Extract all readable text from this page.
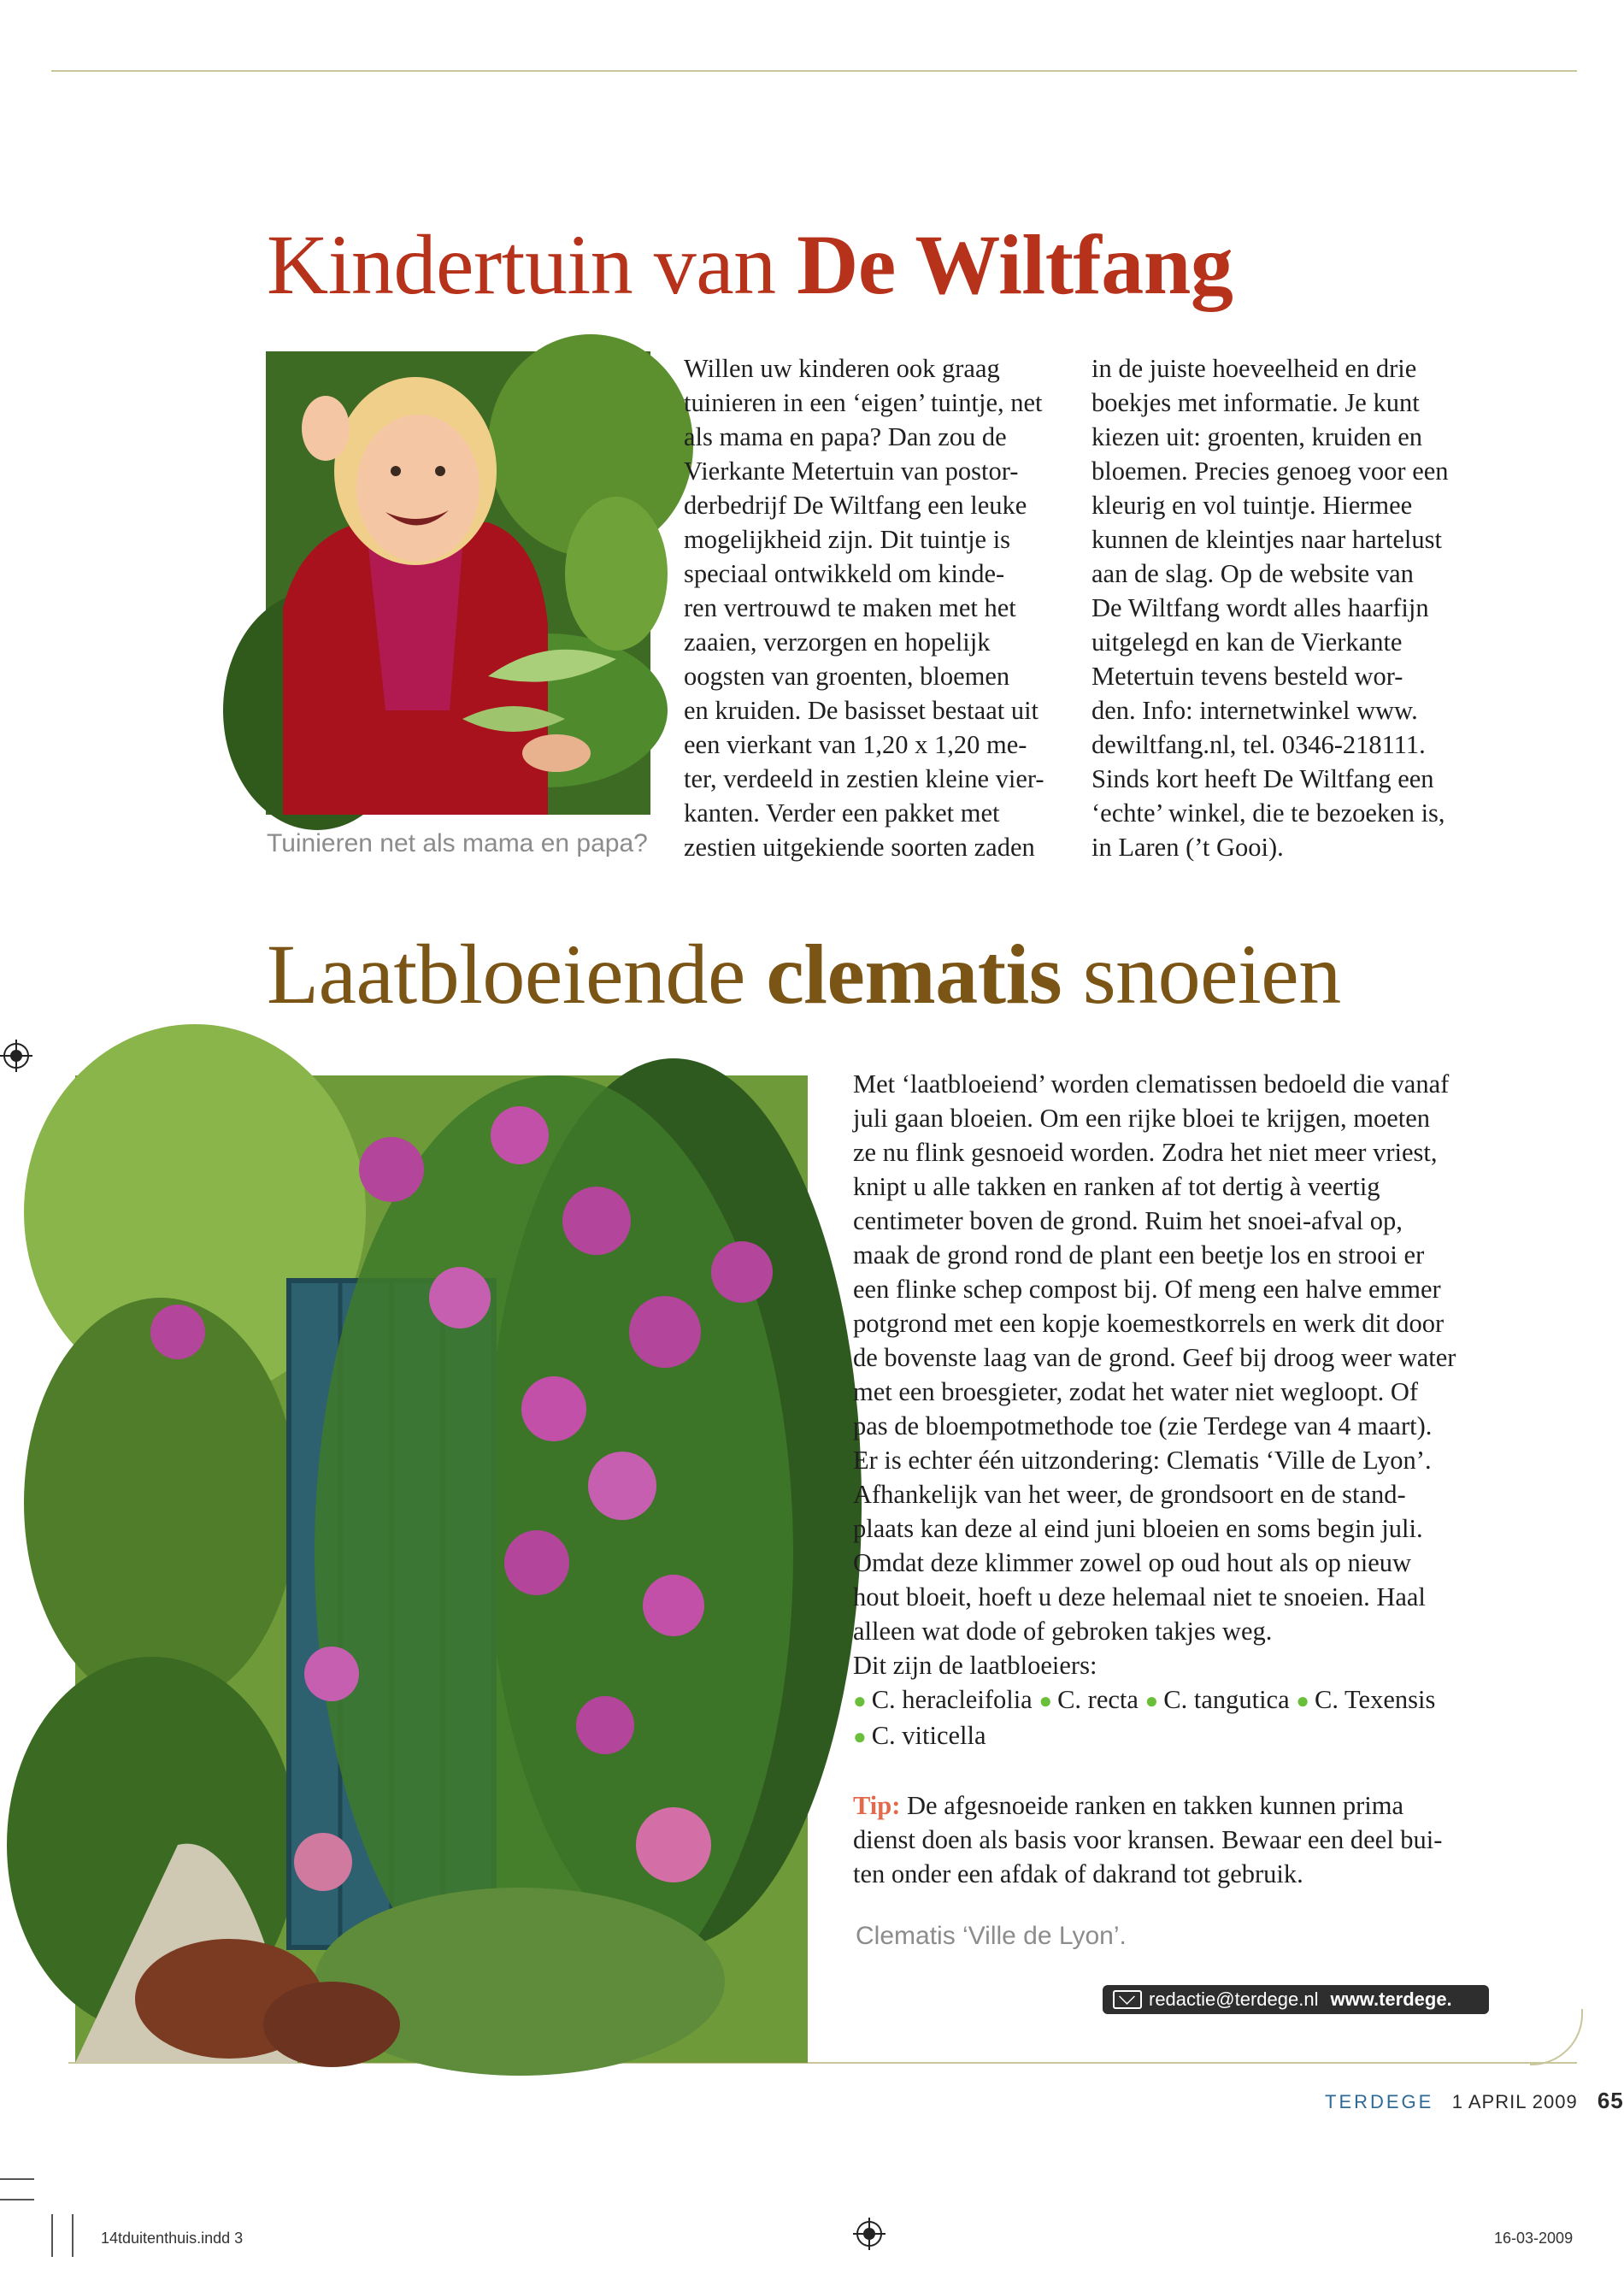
Kindertuin van De Wiltfang
Tuinieren net als mama en papa?

Willen uw kinderen ook graag

tuinieren in een ‘eigen’ tuintje, net

als mama en papa? Dan zou de

Vierkante Metertuin van postor-

derbedrijf De Wiltfang een leuke

mogelijkheid zijn. Dit tuintje is

speciaal ontwikkeld om kinde-

ren vertrouwd te maken met het

zaaien, verzorgen en hopelijk

oogsten van groenten, bloemen

en kruiden. De basisset bestaat uit

een vierkant van 1,20 x 1,20 me-

ter, verdeeld in zestien kleine vier-

kanten. Verder een pakket met

zestien uitgekiende soorten zaden

in de juiste hoeveelheid en drie

boekjes met informatie. Je kunt

kiezen uit: groenten, kruiden en

bloemen. Precies genoeg voor een

kleurig en vol tuintje. Hiermee

kunnen de kleintjes naar hartelust

aan de slag. Op de website van

De Wiltfang wordt alles haarfijn

uitgelegd en kan de Vierkante

Metertuin tevens besteld wor-

den. Info: internetwinkel www.

dewiltfang.nl, tel. 0346-218111.

Sinds kort heeft De Wiltfang een

‘echte’ winkel, die te bezoeken is,

in Laren (’t Gooi).

Laatbloeiende clematis snoeien

Met ‘laatbloeiend’ worden clematissen bedoeld die vanaf

juli gaan bloeien. Om een rijke bloei te krijgen, moeten

ze nu flink gesnoeid worden. Zodra het niet meer vriest,

knipt u alle takken en ranken af tot dertig à veertig

centimeter boven de grond. Ruim het snoei-afval op,

maak de grond rond de plant een beetje los en strooi er

een flinke schep compost bij. Of meng een halve emmer

potgrond met een kopje koemestkorrels en werk dit door

de bovenste laag van de grond. Geef bij droog weer water

met een broesgieter, zodat het water niet wegloopt. Of

pas de bloempotmethode toe (zie Terdege van 4 maart).

Er is echter één uitzondering: Clematis ‘Ville de Lyon’.

Afhankelijk van het weer, de grondsoort en de stand-

plaats kan deze al eind juni bloeien en soms begin juli.

Omdat deze klimmer zowel op oud hout als op nieuw

hout bloeit, hoeft u deze helemaal niet te snoeien. Haal

alleen wat dode of gebroken takjes weg.

Dit zijn de laatbloeiers:

● C. heracleifolia ● C. recta ● C. tangutica ● C. Texensis

● C. viticella

Tip: De afgesnoeide ranken en takken kunnen prima

dienst doen als basis voor kransen. Bewaar een deel bui-

ten onder een afdak of dakrand tot gebruik.

Clematis ‘Ville de Lyon’.
redactie@terdege.nl www.terdege.
TERDEGE 1 APRIL 2009 65
14tduitenthuis.indd 3	16-03-2009
